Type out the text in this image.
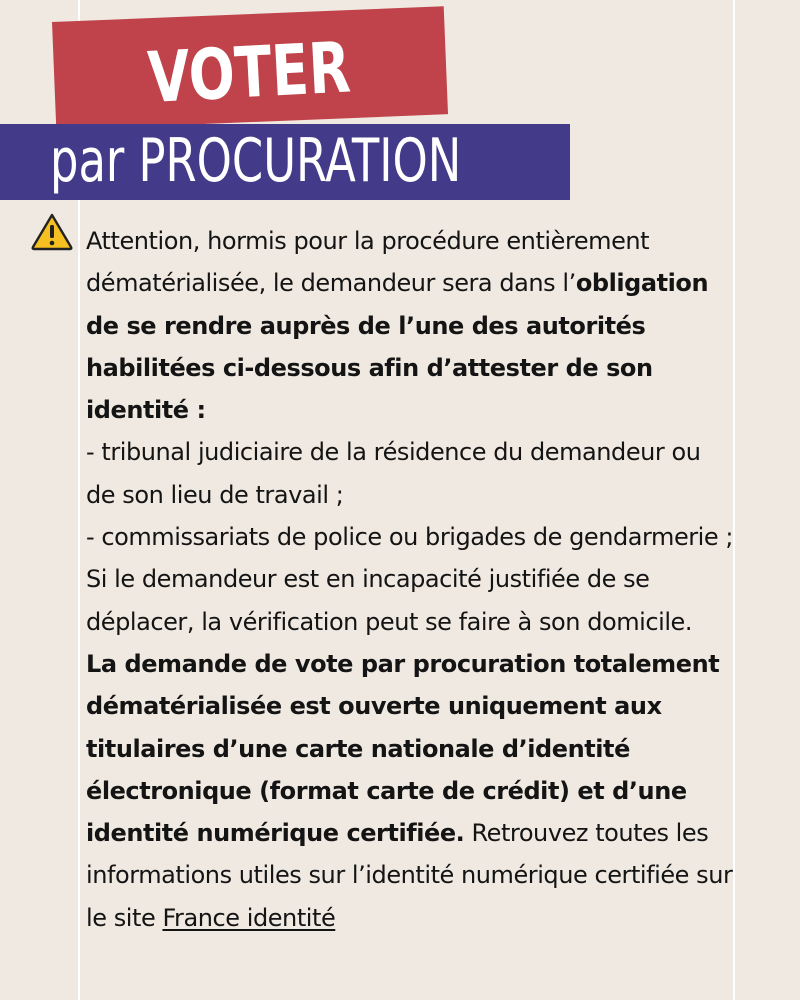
VOTER
par PROCURATION

Attention, hormis pour la procédure entièrement dématérialisée, le demandeur sera dans l’obligation de se rendre auprès de l’une des autorités habilitées ci-dessous afin d’attester de son identité :

- tribunal judiciaire de la résidence du demandeur ou de son lieu de travail ;

- commissariats de police ou brigades de gendarmerie ;

Si le demandeur est en incapacité justifiée de se déplacer, la vérification peut se faire à son domicile.

La demande de vote par procuration totalement dématérialisée est ouverte uniquement aux titulaires d’une carte nationale d’identité électronique (format carte de crédit) et d’une identité numérique certifiée. Retrouvez toutes les informations utiles sur l’identité numérique certifiée sur le site France identité
